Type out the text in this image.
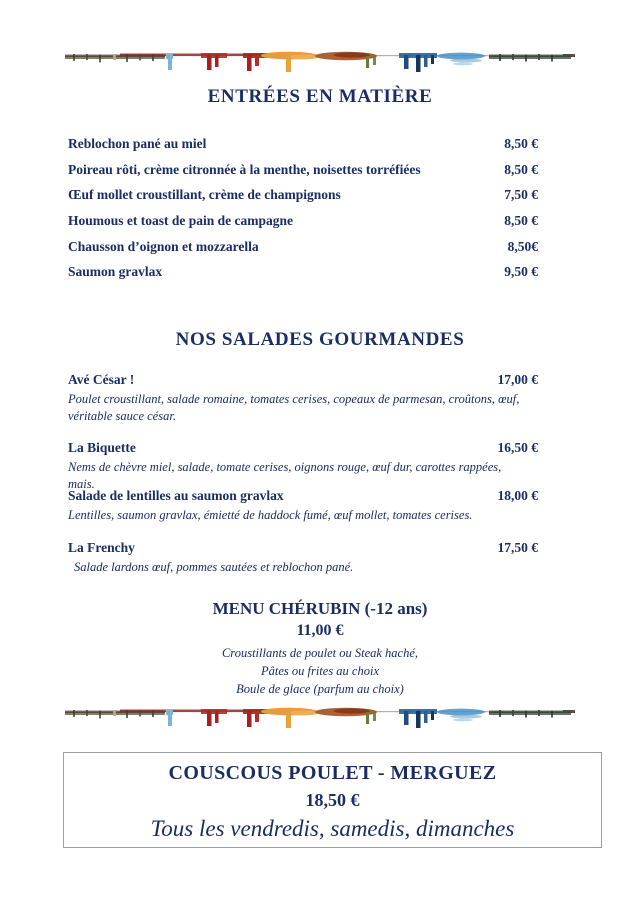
ENTRÉES EN MATIÈRE
Reblochon pané au miel	8,50 €
Poireau rôti, crème citronnée à la menthe, noisettes torréfiées	8,50 €
Œuf mollet croustillant, crème de champignons	7,50 €
Houmous et toast de pain de campagne	8,50 €
Chausson d’oignon et mozzarella	8,50€
Saumon gravlax	9,50 €
NOS SALADES GOURMANDES
Avé César !	17,00 €

Poulet croustillant, salade romaine, tomates cerises, copeaux de parmesan, croûtons, œuf, véritable sauce césar.

La Biquette	16,50 €

Nems de chèvre miel, salade, tomate cerises, oignons rouge, œuf dur, carottes rappées, mais.

Salade de lentilles au saumon gravlax	18,00 €

Lentilles, saumon gravlax, émietté de haddock fumé, œuf mollet, tomates cerises.

La Frenchy	17,50 €

Salade lardons œuf, pommes sautées et reblochon pané.

MENU CHÉRUBIN (-12 ans)

11,00 €

Croustillants de poulet ou Steak haché,

Pâtes ou frites au choix

Boule de glace (parfum au choix)

COUSCOUS POULET - MERGUEZ

18,50 €

Tous les vendredis, samedis, dimanches
